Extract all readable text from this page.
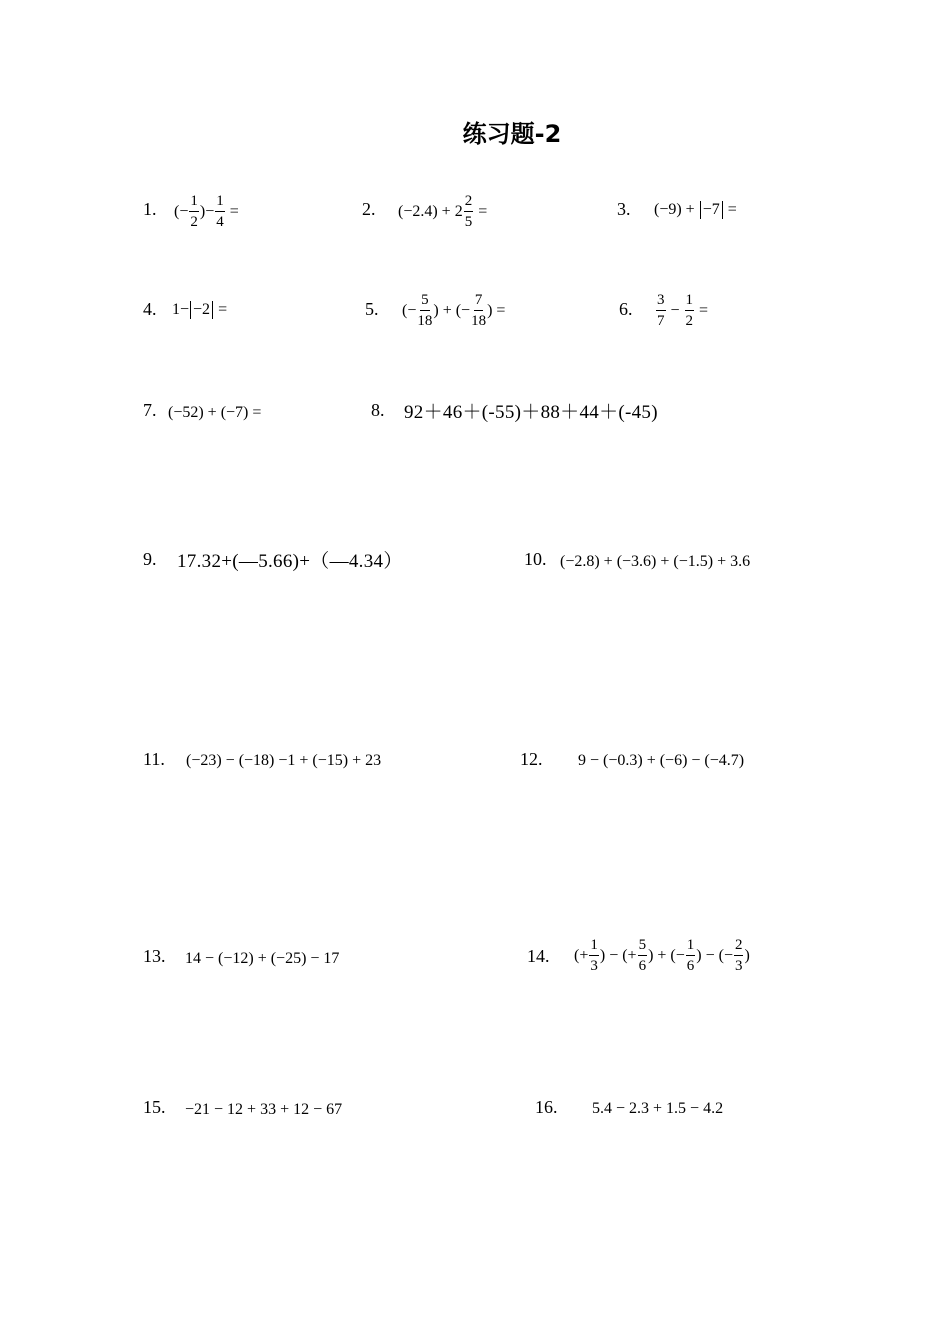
练习题-2
1. (− $\frac{1}{2}$ )− $\frac{1}{4}$ =	2. $(-2.4) + 2 \frac{2}{5}$ =	3. (−9) + −7 =
4. 1− −2 =	5. (− $\frac{5}{18}$ ) + (− $\frac{7}{18}$ ) =	6. $\frac{3}{7} - \frac{1}{2}$ =
7. (−52) + (−7) =	8. 92＋46＋(-55)＋88＋44＋(-45)
9. 17.32+(—5.66)+（—4.34）	10. (−2.8) + (−3.6) + (−1.5) + 3.6
11. (−23) − (−18) −1 + (−15) + 23	12. 9 − (−0.3) + (−6) − (−4.7)
13. 14 − (−12) + (−25) − 17	14. (+ $\frac{1}{3}$ ) − (+ $\frac{5}{6}$ ) + (− $\frac{1}{6}$ ) − (− $\frac{2}{3}$ )
15. −21 − 12 + 33 + 12 − 67	16. 5.4 − 2.3 + 1.5 − 4.2
